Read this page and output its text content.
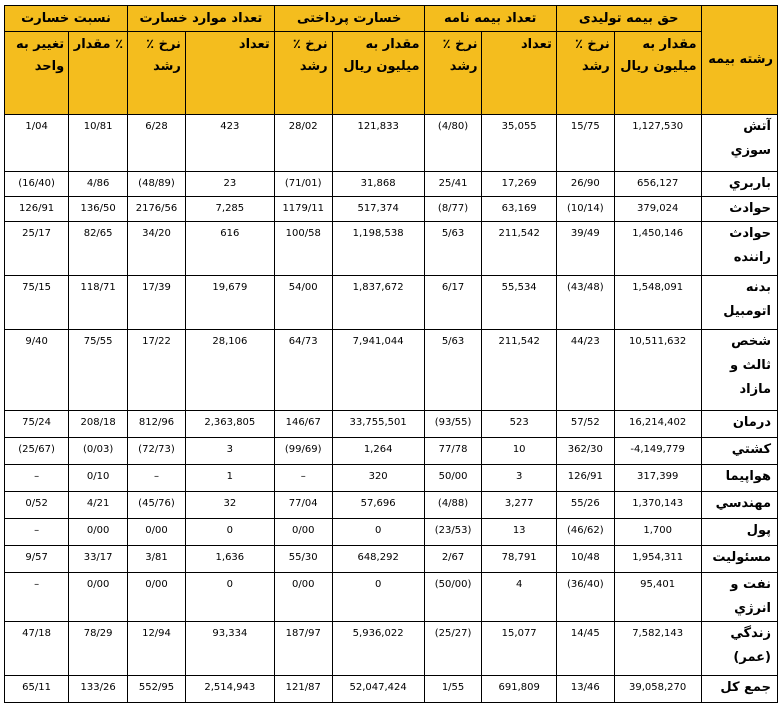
رشته بیمه	حق بیمه تولیدی		تعداد بیمه نامه		خسارت پرداختی		تعداد موارد خسارت		نسبت خسارت	
	مقدار به میلیون ریال	نرخ ٪ رشد	تعداد	نرخ ٪ رشد	مقدار به میلیون ریال	نرخ ٪ رشد	تعداد	نرخ ٪ رشد	٪ مقدار	تغییر به واحد
آتش سوزي	1,127,530	15/75	35,055	(4/80)	121,833	28/02	423	6/28	10/81	1/04
باربري	656,127	26/90	17,269	25/41	31,868	(71/01)	23	(48/89)	4/86	(16/40)
حوادث	379,024	(10/14)	63,169	(8/77)	517,374	1179/11	7,285	2176/56	136/50	126/91
حوادث راننده	1,450,146	39/49	211,542	5/63	1,198,538	100/58	616	34/20	82/65	25/17
بدنه اتومبيل	1,548,091	(43/48)	55,534	6/17	1,837,672	54/00	19,679	17/39	118/71	75/15
شخص ثالث و مازاد	10,511,632	44/23	211,542	5/63	7,941,044	64/73	28,106	17/22	75/55	9/40
درمان	16,214,402	57/52	523	(93/55)	33,755,501	146/67	2,363,805	812/96	208/18	75/24
کشتي	4,149,779-	362/30	10	77/78	1,264	(99/69)	3	(72/73)	(0/03)	(25/67)
هواپيما	317,399	126/91	3	50/00	320	–	1	–	0/10	–
مهندسي	1,370,143	55/26	3,277	(4/88)	57,696	77/04	32	(45/76)	4/21	0/52
پول	1,700	(46/62)	13	(23/53)	0	0/00	0	0/00	0/00	–
مسئوليت	1,954,311	10/48	78,791	2/67	648,292	55/30	1,636	3/81	33/17	9/57
نفت و انرژي	95,401	(36/40)	4	(50/00)	0	0/00	0	0/00	0/00	–
زندگي (عمر)	7,582,143	14/45	15,077	(25/27)	5,936,022	187/97	93,334	12/94	78/29	47/18
جمع کل	39,058,270	13/46	691,809	1/55	52,047,424	121/87	2,514,943	552/95	133/26	65/11
